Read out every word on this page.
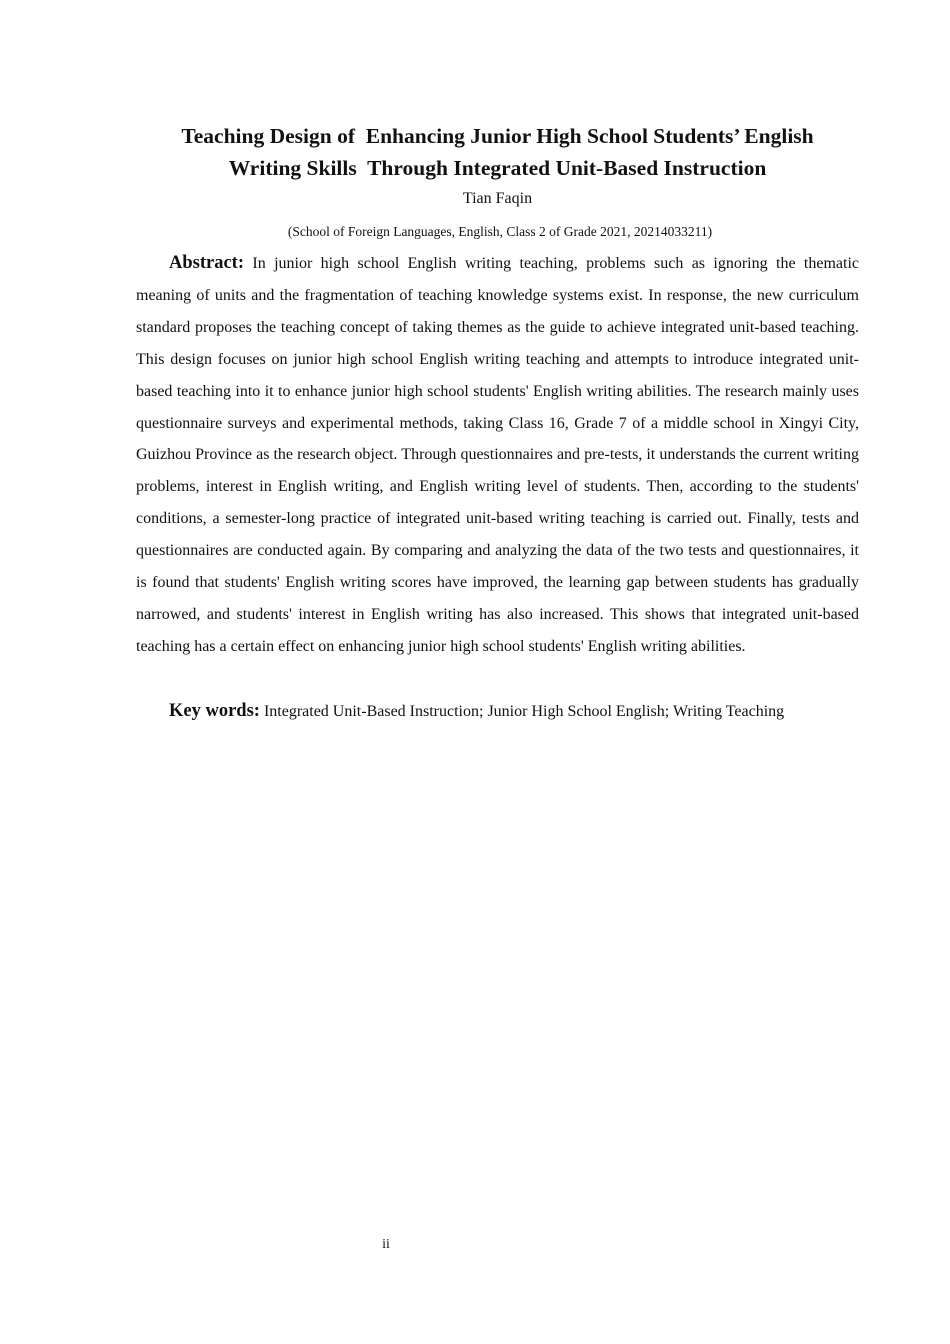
Teaching Design of  Enhancing Junior High School Students’ English
Writing Skills  Through Integrated Unit-Based Instruction
Tian Faqin
(School of Foreign Languages, English, Class 2 of Grade 2021, 20214033211)

Abstract: In junior high school English writing teaching, problems such as ignoring the thematic meaning of units and the fragmentation of teaching knowledge systems exist. In response, the new curriculum standard proposes the teaching concept of taking themes as the guide to achieve integrated unit-based teaching. This design focuses on junior high school English writing teaching and attempts to introduce integrated unit-based teaching into it to enhance junior high school students' English writing abilities. The research mainly uses questionnaire surveys and experimental methods, taking Class 16, Grade 7 of a middle school in Xingyi City, Guizhou Province as the research object. Through questionnaires and pre-tests, it understands the current writing problems, interest in English writing, and English writing level of students. Then, according to the students' conditions, a semester-long practice of integrated unit-based writing teaching is carried out. Finally, tests and questionnaires are conducted again. By comparing and analyzing the data of the two tests and questionnaires, it is found that students' English writing scores have improved, the learning gap between students has gradually narrowed, and students' interest in English writing has also increased. This shows that integrated unit-based teaching has a certain effect on enhancing junior high school students' English writing abilities.

Key words: Integrated Unit-Based Instruction; Junior High School English; Writing Teaching

ii
